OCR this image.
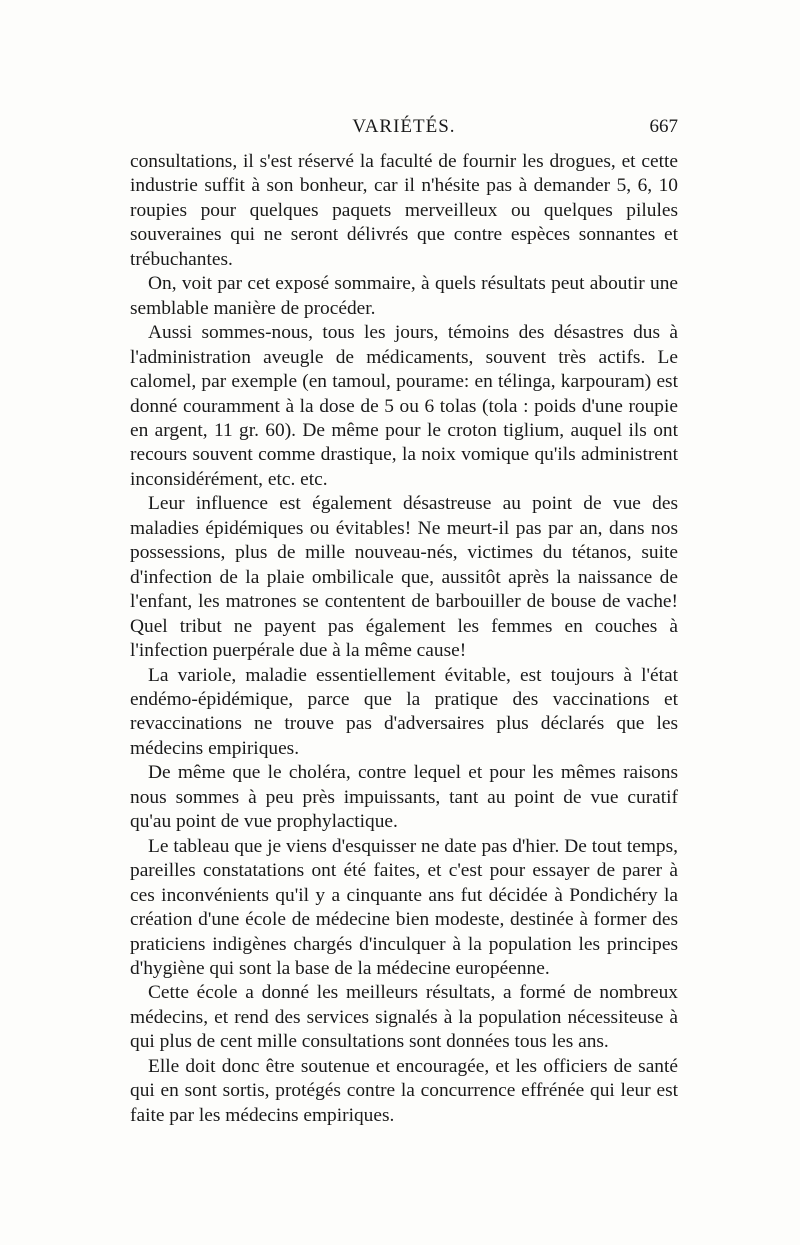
VARIÉTÉS.	667

consultations, il s'est réservé la faculté de fournir les drogues, et cette industrie suffit à son bonheur, car il n'hésite pas à demander 5, 6, 10 roupies pour quelques paquets merveilleux ou quelques pilules souveraines qui ne seront délivrés que contre espèces sonnantes et trébuchantes.

On, voit par cet exposé sommaire, à quels résultats peut aboutir une semblable manière de procéder.

Aussi sommes-nous, tous les jours, témoins des désastres dus à l'administration aveugle de médicaments, souvent très actifs. Le calomel, par exemple (en tamoul, pourame: en télinga, karpouram) est donné couramment à la dose de 5 ou 6 tolas (tola : poids d'une roupie en argent, 11 gr. 60). De même pour le croton tiglium, auquel ils ont recours souvent comme drastique, la noix vomique qu'ils administrent inconsidérément, etc. etc.

Leur influence est également désastreuse au point de vue des maladies épidémiques ou évitables! Ne meurt-il pas par an, dans nos possessions, plus de mille nouveau-nés, victimes du tétanos, suite d'infection de la plaie ombilicale que, aussitôt après la naissance de l'enfant, les matrones se contentent de barbouiller de bouse de vache! Quel tribut ne payent pas également les femmes en couches à l'infection puerpérale due à la même cause!

La variole, maladie essentiellement évitable, est toujours à l'état endémo-épidémique, parce que la pratique des vaccinations et revaccinations ne trouve pas d'adversaires plus déclarés que les médecins empiriques.

De même que le choléra, contre lequel et pour les mêmes raisons nous sommes à peu près impuissants, tant au point de vue curatif qu'au point de vue prophylactique.

Le tableau que je viens d'esquisser ne date pas d'hier. De tout temps, pareilles constatations ont été faites, et c'est pour essayer de parer à ces inconvénients qu'il y a cinquante ans fut décidée à Pondichéry la création d'une école de médecine bien modeste, destinée à former des praticiens indigènes chargés d'inculquer à la population les principes d'hygiène qui sont la base de la médecine européenne.

Cette école a donné les meilleurs résultats, a formé de nombreux médecins, et rend des services signalés à la population nécessiteuse à qui plus de cent mille consultations sont données tous les ans.

Elle doit donc être soutenue et encouragée, et les officiers de santé qui en sont sortis, protégés contre la concurrence effrénée qui leur est faite par les médecins empiriques.
